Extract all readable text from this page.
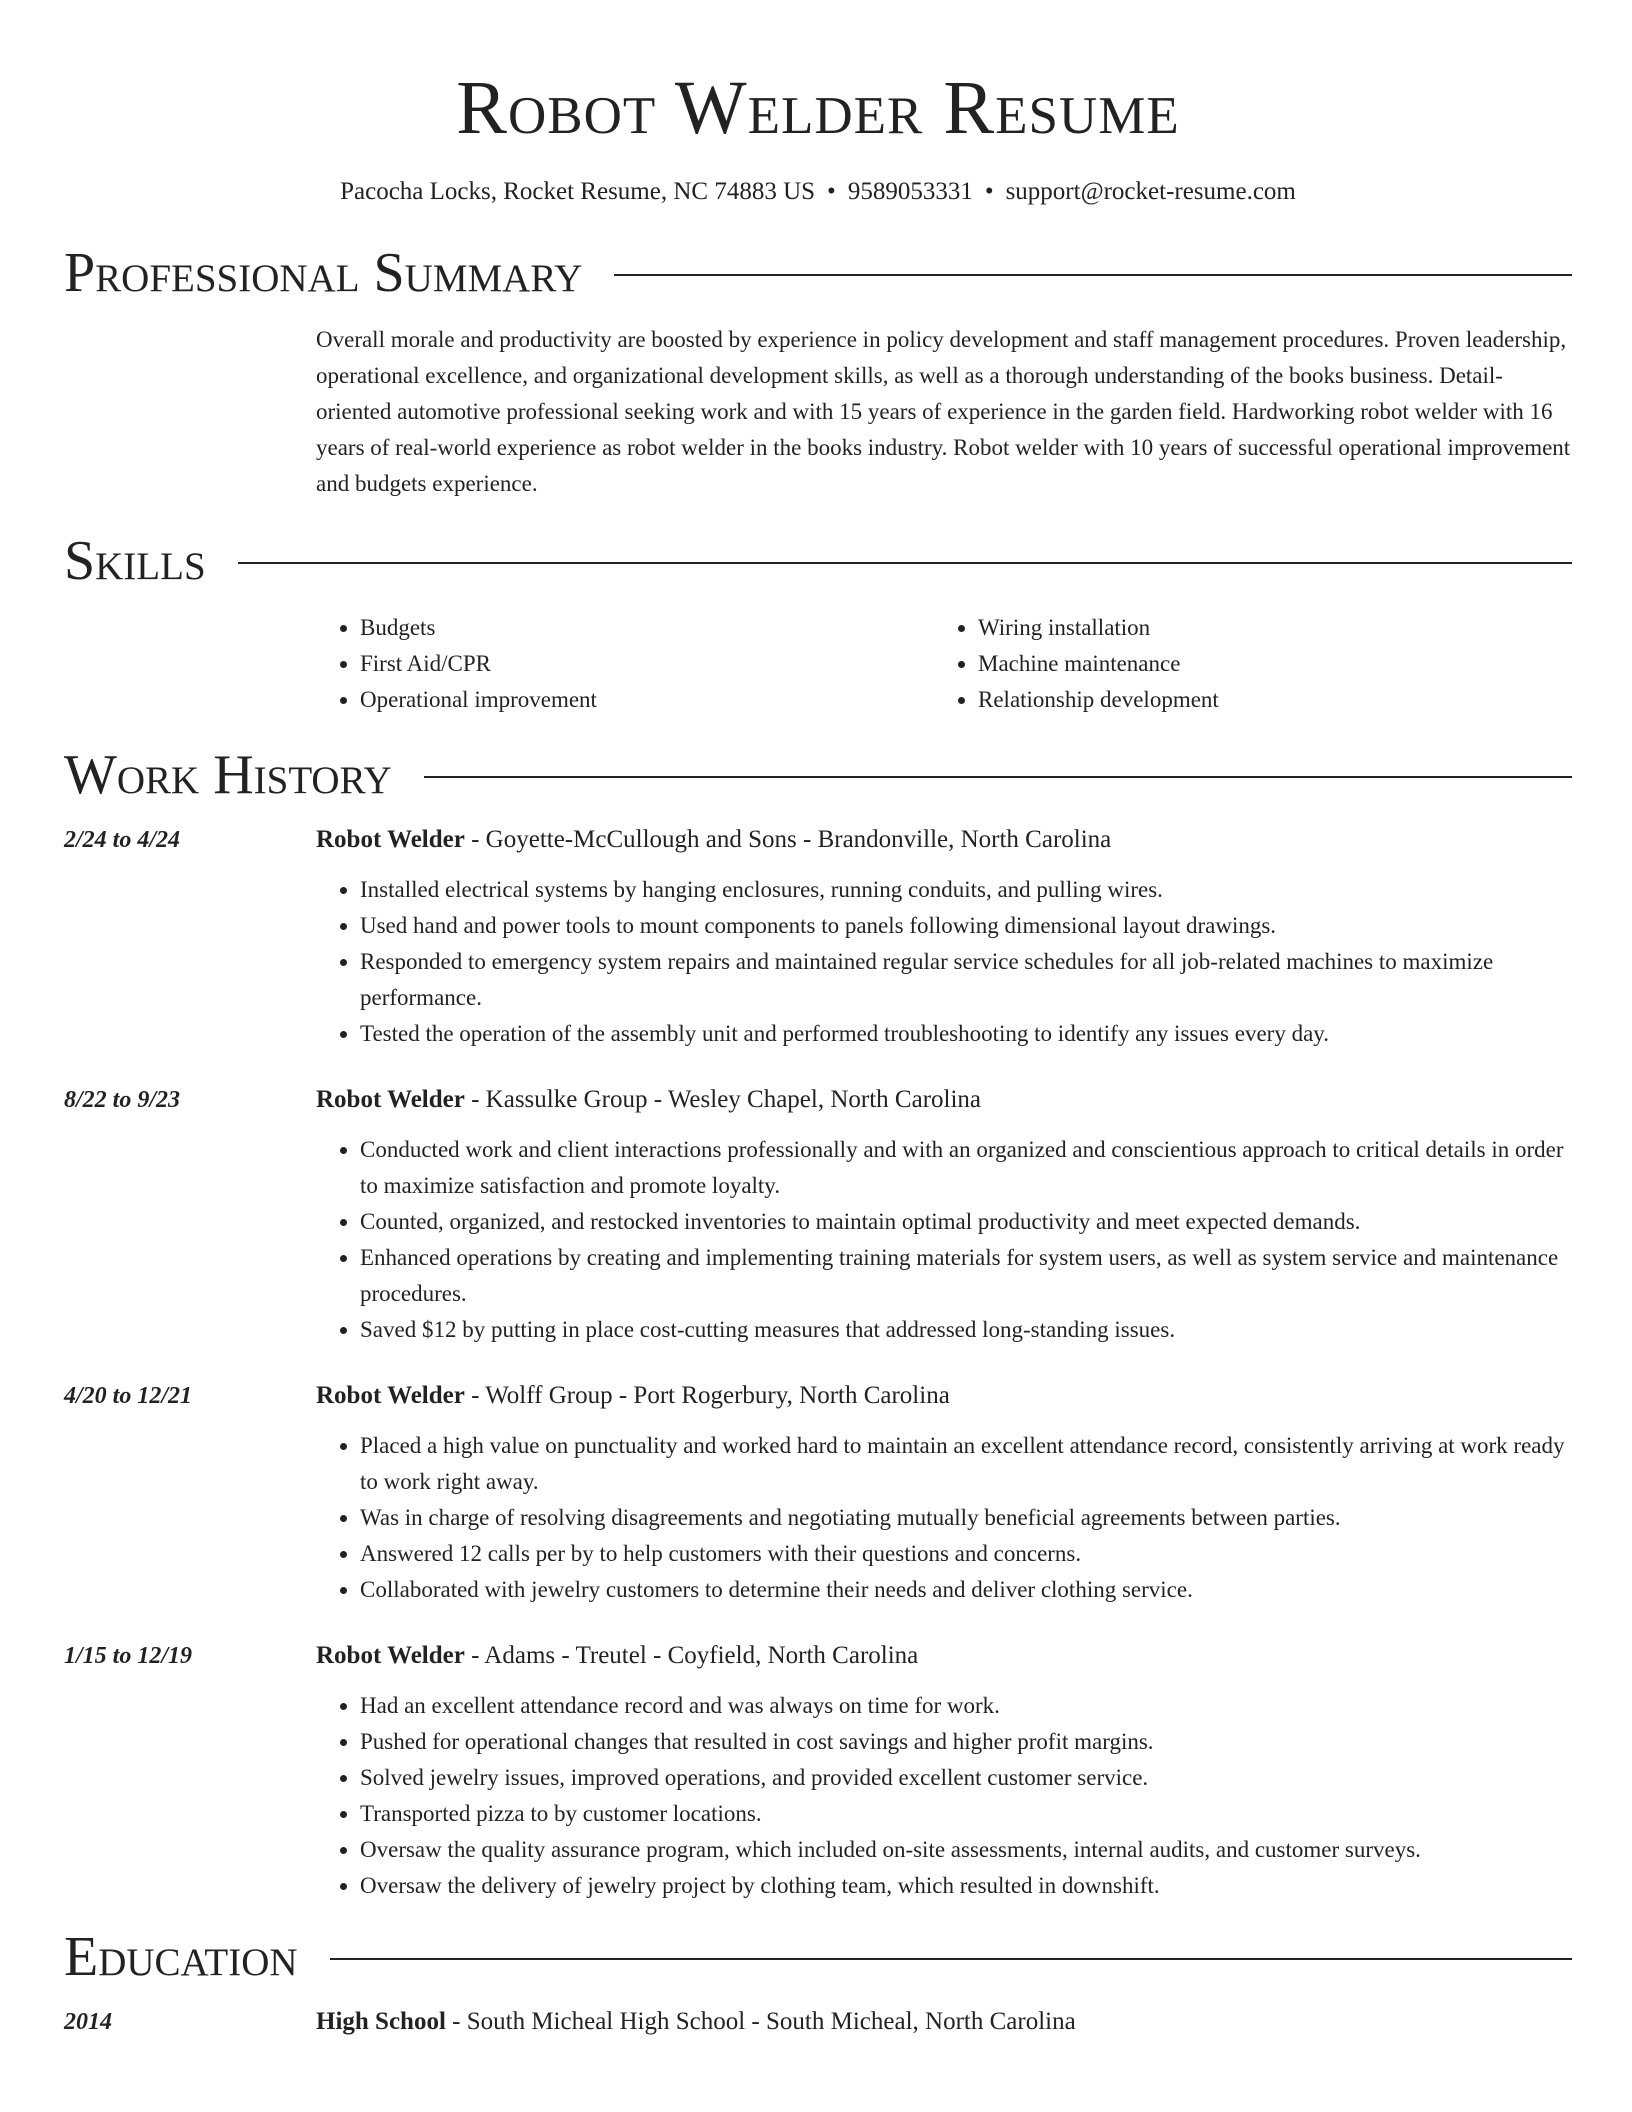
Robot Welder Resume
Pacocha Locks, Rocket Resume, NC 74883 US • 9589053331 • support@rocket-resume.com
Professional Summary
Overall morale and productivity are boosted by experience in policy development and staff management procedures. Proven leadership, operational excellence, and organizational development skills, as well as a thorough understanding of the books business. Detail-oriented automotive professional seeking work and with 15 years of experience in the garden field. Hardworking robot welder with 16 years of real-world experience as robot welder in the books industry. Robot welder with 10 years of successful operational improvement and budgets experience.
Skills
• Budgets
• First Aid/CPR
• Operational improvement
• Wiring installation
• Machine maintenance
• Relationship development
Work History
2/24 to 4/24	Robot Welder - Goyette-McCullough and Sons - Brandonville, North Carolina
• Installed electrical systems by hanging enclosures, running conduits, and pulling wires.
• Used hand and power tools to mount components to panels following dimensional layout drawings.
• Responded to emergency system repairs and maintained regular service schedules for all job-related machines to maximize performance.
• Tested the operation of the assembly unit and performed troubleshooting to identify any issues every day.
8/22 to 9/23	Robot Welder - Kassulke Group - Wesley Chapel, North Carolina
• Conducted work and client interactions professionally and with an organized and conscientious approach to critical details in order to maximize satisfaction and promote loyalty.
• Counted, organized, and restocked inventories to maintain optimal productivity and meet expected demands.
• Enhanced operations by creating and implementing training materials for system users, as well as system service and maintenance procedures.
• Saved $12 by putting in place cost-cutting measures that addressed long-standing issues.
4/20 to 12/21	Robot Welder - Wolff Group - Port Rogerbury, North Carolina
• Placed a high value on punctuality and worked hard to maintain an excellent attendance record, consistently arriving at work ready to work right away.
• Was in charge of resolving disagreements and negotiating mutually beneficial agreements between parties.
• Answered 12 calls per by to help customers with their questions and concerns.
• Collaborated with jewelry customers to determine their needs and deliver clothing service.
1/15 to 12/19	Robot Welder - Adams - Treutel - Coyfield, North Carolina
• Had an excellent attendance record and was always on time for work.
• Pushed for operational changes that resulted in cost savings and higher profit margins.
• Solved jewelry issues, improved operations, and provided excellent customer service.
• Transported pizza to by customer locations.
• Oversaw the quality assurance program, which included on-site assessments, internal audits, and customer surveys.
• Oversaw the delivery of jewelry project by clothing team, which resulted in downshift.
Education
2014	High School - South Micheal High School - South Micheal, North Carolina
